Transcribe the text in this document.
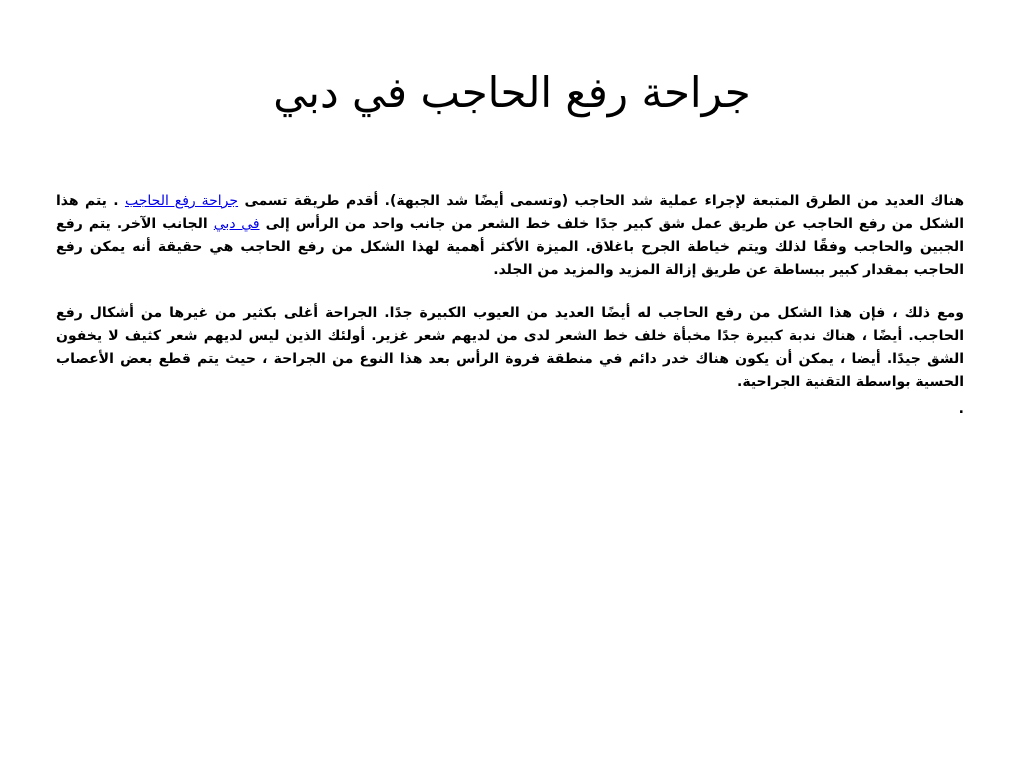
جراحة رفع الحاجب في دبي

هناك العديد من الطرق المتبعة لإجراء عملية شد الحاجب (وتسمى أيضًا شد الجبهة). أقدم طريقة تسمى جراحة رفع الحاجب . يتم هذا الشكل من رفع الحاجب عن طريق عمل شق كبير جدًا خلف خط الشعر من جانب واحد من الرأس إلى في دبي الجانب الآخر. يتم رفع الجبين والحاجب وفقًا لذلك ويتم خياطة الجرح باغلاق. الميزة الأكثر أهمية لهذا الشكل من رفع الحاجب هي حقيقة أنه يمكن رفع الحاجب بمقدار كبير ببساطة عن طريق إزالة المزيد والمزيد من الجلد.

ومع ذلك ، فإن هذا الشكل من رفع الحاجب له أيضًا العديد من العيوب الكبيرة جدًا. الجراحة أغلى بكثير من غيرها من أشكال رفع الحاجب. أيضًا ، هناك ندبة كبيرة جدًا مخبأة خلف خط الشعر لدى من لديهم شعر غزير. أولئك الذين ليس لديهم شعر كثيف لا يخفون الشق جيدًا. أيضا ، يمكن أن يكون هناك خدر دائم في منطقة فروة الرأس بعد هذا النوع من الجراحة ، حيث يتم قطع بعض الأعصاب الحسية بواسطة التقنية الجراحية.

.
